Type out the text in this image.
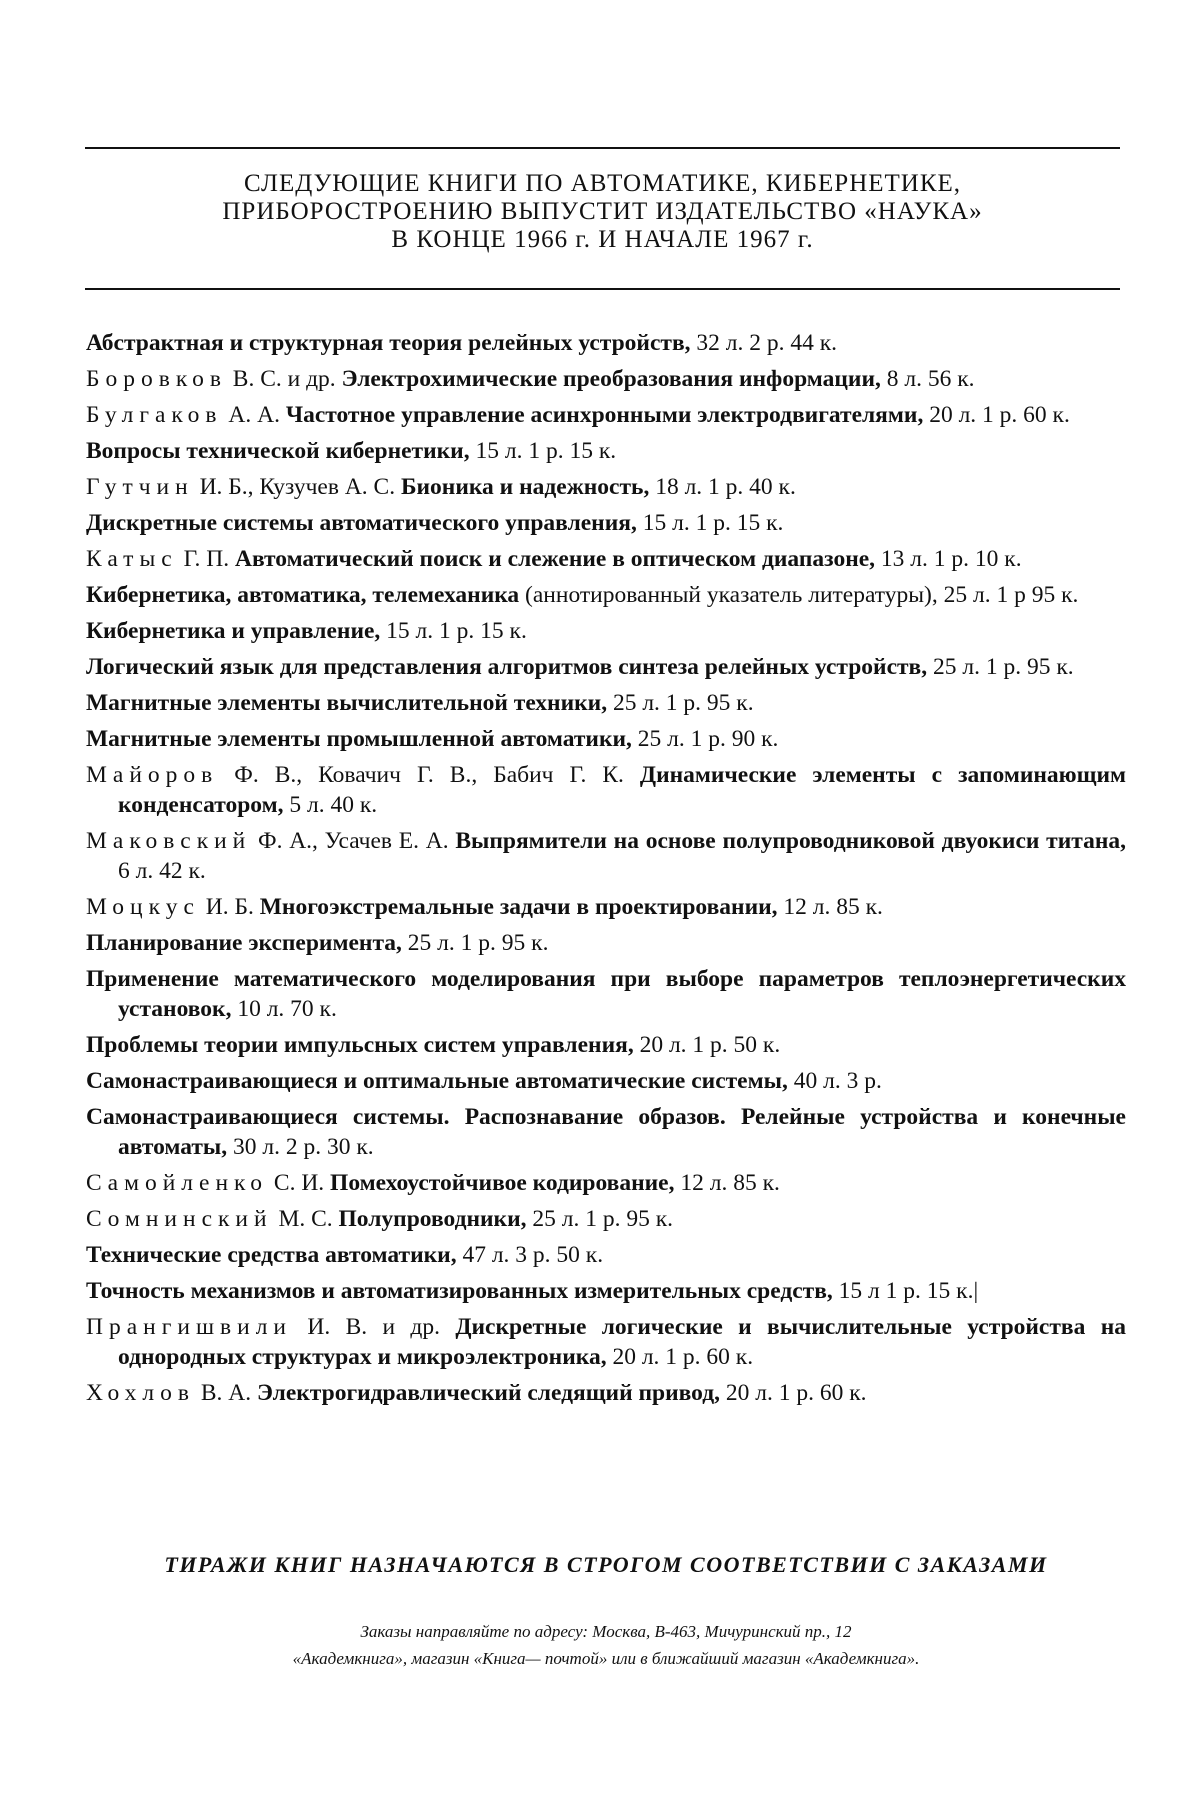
СЛЕДУЮЩИЕ КНИГИ ПО АВТОМАТИКЕ, КИБЕРНЕТИКЕ,
ПРИБОРОСТРОЕНИЮ ВЫПУСТИТ ИЗДАТЕЛЬСТВО «НАУКА»
В КОНЦЕ 1966 г. И НАЧАЛЕ 1967 г.
Абстрактная и структурная теория релейных устройств, 32 л. 2 р. 44 к.
Боровков В. С. и др. Электрохимические преобразования информации, 8 л. 56 к.
Булгаков А. А. Частотное управление асинхронными электродвигателями, 20 л. 1 р. 60 к.
Вопросы технической кибернетики, 15 л. 1 р. 15 к.
Гутчин И. Б., Кузучев А. С. Бионика и надежность, 18 л. 1 р. 40 к.
Дискретные системы автоматического управления, 15 л. 1 р. 15 к.
Катыс Г. П. Автоматический поиск и слежение в оптическом диапазоне, 13 л. 1 р. 10 к.
Кибернетика, автоматика, телемеханика (аннотированный указатель литературы), 25 л. 1 р 95 к.
Кибернетика и управление, 15 л. 1 р. 15 к.
Логический язык для представления алгоритмов синтеза релейных устройств, 25 л. 1 р. 95 к.
Магнитные элементы вычислительной техники, 25 л. 1 р. 95 к.
Магнитные элементы промышленной автоматики, 25 л. 1 р. 90 к.
Майоров Ф. В., Ковачич Г. В., Бабич Г. К. Динамические элементы с запоминающим конденсатором, 5 л. 40 к.
Маковский Ф. А., Усачев Е. А. Выпрямители на основе полупроводниковой двуокиси титана, 6 л. 42 к.
Моцкус И. Б. Многоэкстремальные задачи в проектировании, 12 л. 85 к.
Планирование эксперимента, 25 л. 1 р. 95 к.
Применение математического моделирования при выборе параметров теплоэнергетических установок, 10 л. 70 к.
Проблемы теории импульсных систем управления, 20 л. 1 р. 50 к.
Самонастраивающиеся и оптимальные автоматические системы, 40 л. 3 р.
Самонастраивающиеся системы. Распознавание образов. Релейные устройства и конечные автоматы, 30 л. 2 р. 30 к.
Самойленко С. И. Помехоустойчивое кодирование, 12 л. 85 к.
Сомнинский М. С. Полупроводники, 25 л. 1 р. 95 к.
Технические средства автоматики, 47 л. 3 р. 50 к.
Точность механизмов и автоматизированных измерительных средств, 15 л 1 р. 15 к.|
Прангишвили И. В. и др. Дискретные логические и вычислительные устройства на однородных структурах и микроэлектроника, 20 л. 1 р. 60 к.
Хохлов В. А. Электрогидравлический следящий привод, 20 л. 1 р. 60 к.
ТИРАЖИ КНИГ НАЗНАЧАЮТСЯ В СТРОГОМ СООТВЕТСТВИИ С ЗАКАЗАМИ
Заказы направляйте по адресу: Москва, В-463, Мичуринский пр., 12
«Академкнига», магазин «Книга— почтой» или в ближайший магазин «Академкнига».
